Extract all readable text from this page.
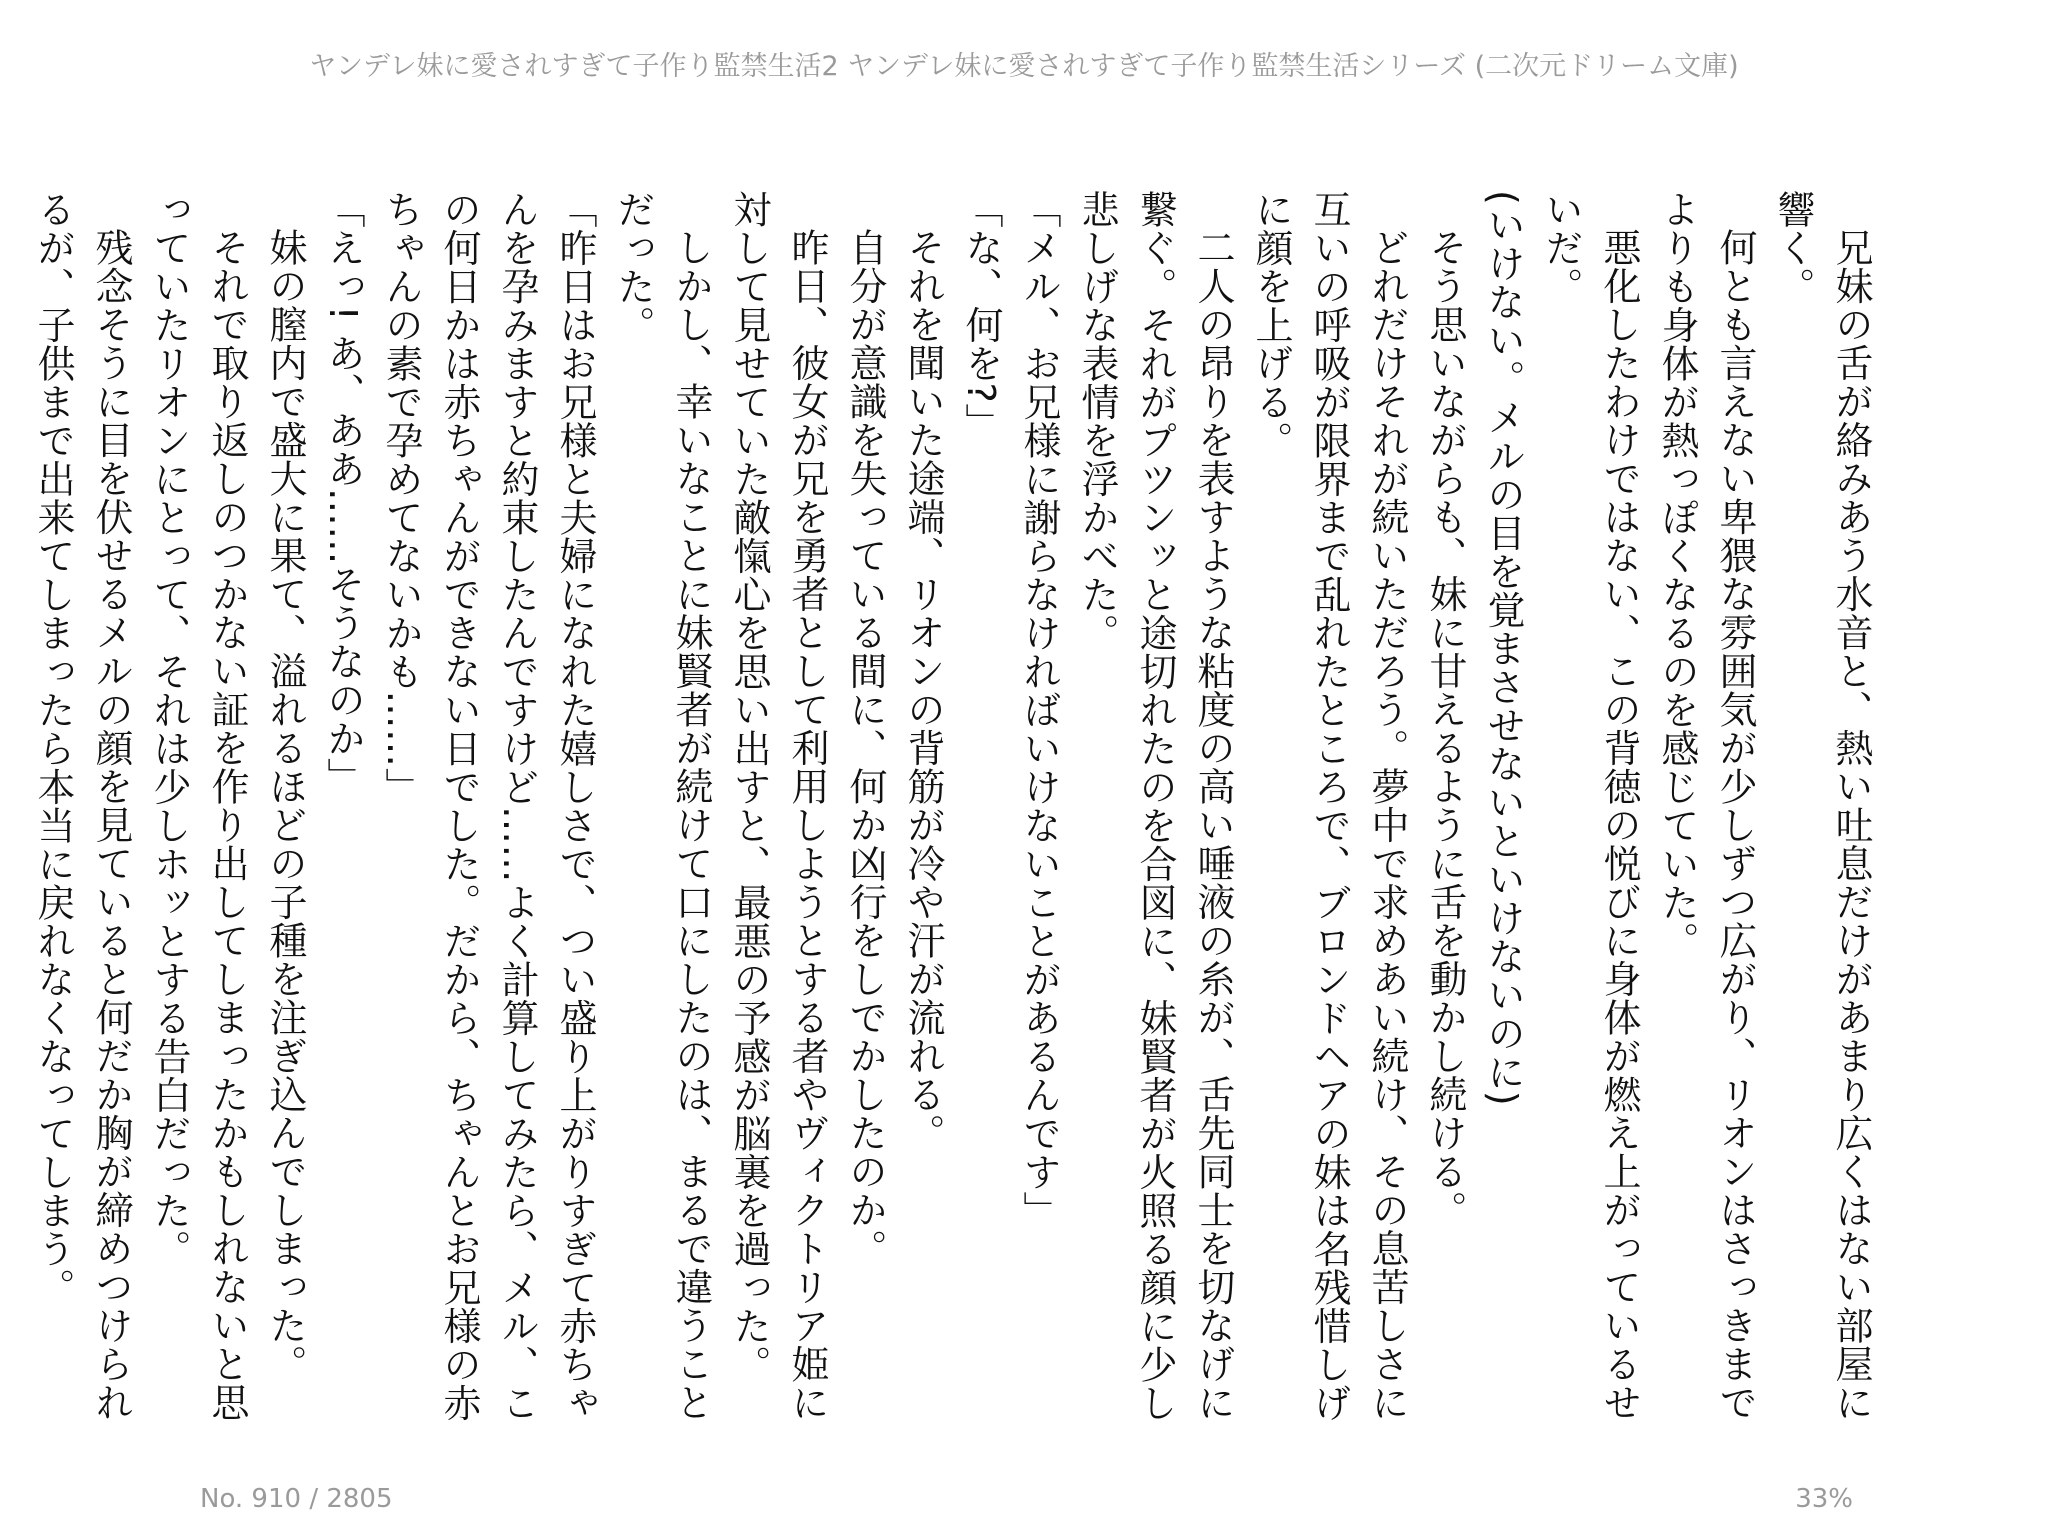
ヤンデレ妹に愛されすぎて子作り監禁生活2 ヤンデレ妹に愛されすぎて子作り監禁生活シリーズ (二次元ドリーム文庫)

兄妹の舌が絡みあう水音と、熱い吐息だけがあまり広くはない部屋に響く。

何とも言えない卑猥な雰囲気が少しずつ広がり、リオンはさっきまでよりも身体が熱っぽくなるのを感じていた。

悪化したわけではない、この背徳の悦びに身体が燃え上がっているせいだ。

(いけない。メルの目を覚まさせないといけないのに)

そう思いながらも、妹に甘えるように舌を動かし続ける。

どれだけそれが続いただろう。夢中で求めあい続け、その息苦しさに互いの呼吸が限界まで乱れたところで、ブロンドヘアの妹は名残惜しげに顔を上げる。

二人の昂りを表すような粘度の高い唾液の糸が、舌先同士を切なげに繋ぐ。それがプツンッと途切れたのを合図に、妹賢者が火照る顔に少し悲しげな表情を浮かべた。

「メル、お兄様に謝らなければいけないことがあるんです」

「な、何を?」

それを聞いた途端、リオンの背筋が冷や汗が流れる。

自分が意識を失っている間に、何か凶行をしでかしたのか。

昨日、彼女が兄を勇者として利用しようとする者やヴィクトリア姫に対して見せていた敵愾心を思い出すと、最悪の予感が脳裏を過った。

しかし、幸いなことに妹賢者が続けて口にしたのは、まるで違うことだった。

「昨日はお兄様と夫婦になれた嬉しさで、つい盛り上がりすぎて赤ちゃんを孕みますと約束したんですけど……よく計算してみたら、メル、この何日かは赤ちゃんができない日でした。だから、ちゃんとお兄様の赤ちゃんの素で孕めてないかも……」

「えっ! あ、ああ……そうなのか」

妹の膣内で盛大に果て、溢れるほどの子種を注ぎ込んでしまった。

それで取り返しのつかない証を作り出してしまったかもしれないと思っていたリオンにとって、それは少しホッとする告白だった。

残念そうに目を伏せるメルの顔を見ていると何だか胸が締めつけられるが、子供まで出来てしまったら本当に戻れなくなってしまう。

No. 910 / 2805	33%
